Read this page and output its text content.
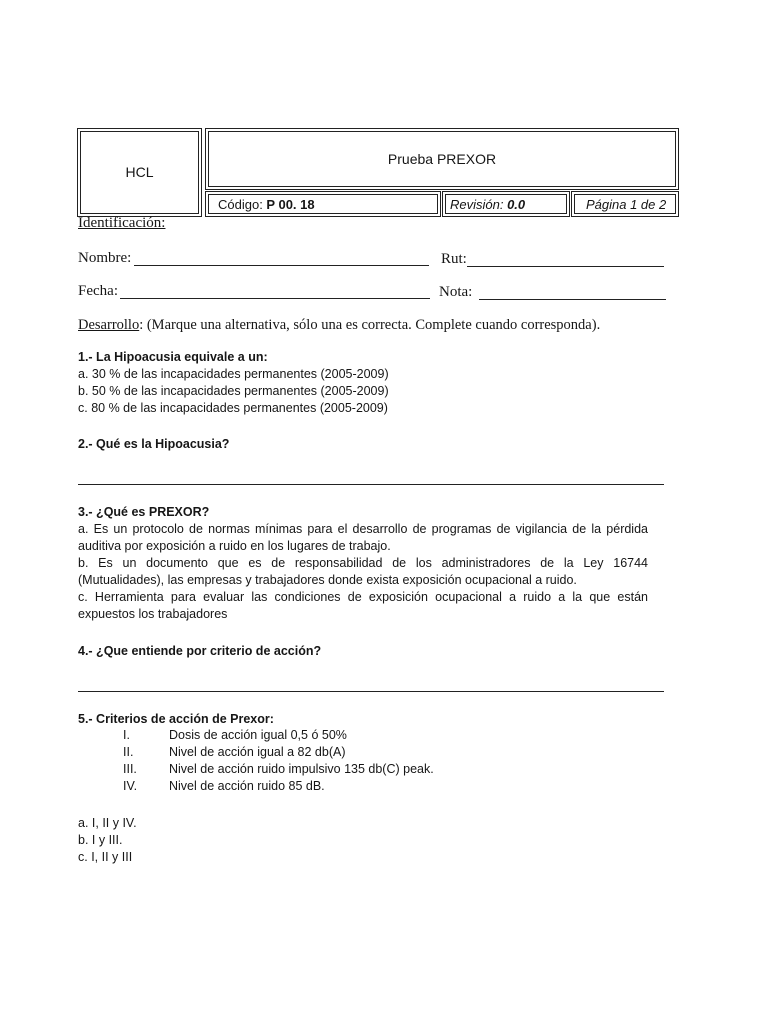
HCL
Prueba PREXOR
Código: P 00. 18	Revisión: 0.0	Página 1 de 2
Identificación:
Nombre:	Rut:
Fecha:	Nota:
Desarrollo: (Marque una alternativa, sólo una es correcta. Complete cuando corresponda).
1.- La Hipoacusia equivale a un:
a. 30 % de las incapacidades permanentes (2005-2009)
b. 50 % de las incapacidades permanentes (2005-2009)
c. 80 % de las incapacidades permanentes (2005-2009)
2.- Qué es la Hipoacusia?
3.- ¿Qué es PREXOR?
a. Es un protocolo de normas mínimas para el desarrollo de programas de vigilancia de la pérdida auditiva por exposición a ruido en los lugares de trabajo.
b. Es un documento que es de responsabilidad de los administradores de la Ley 16744 (Mutualidades), las empresas y trabajadores donde exista exposición ocupacional a ruido.
c. Herramienta para evaluar las condiciones de exposición ocupacional a ruido a la que están expuestos los trabajadores
4.- ¿Que entiende por criterio de acción?
5.- Criterios de acción de Prexor:
I.	Dosis de acción igual 0,5 ó 50%
II.	Nivel de acción igual a 82 db(A)
III.	Nivel de acción ruido impulsivo 135 db(C) peak.
IV.	Nivel de acción ruido 85 dB.
a. I, II y IV.
b. I y III.
c. I, II y III
